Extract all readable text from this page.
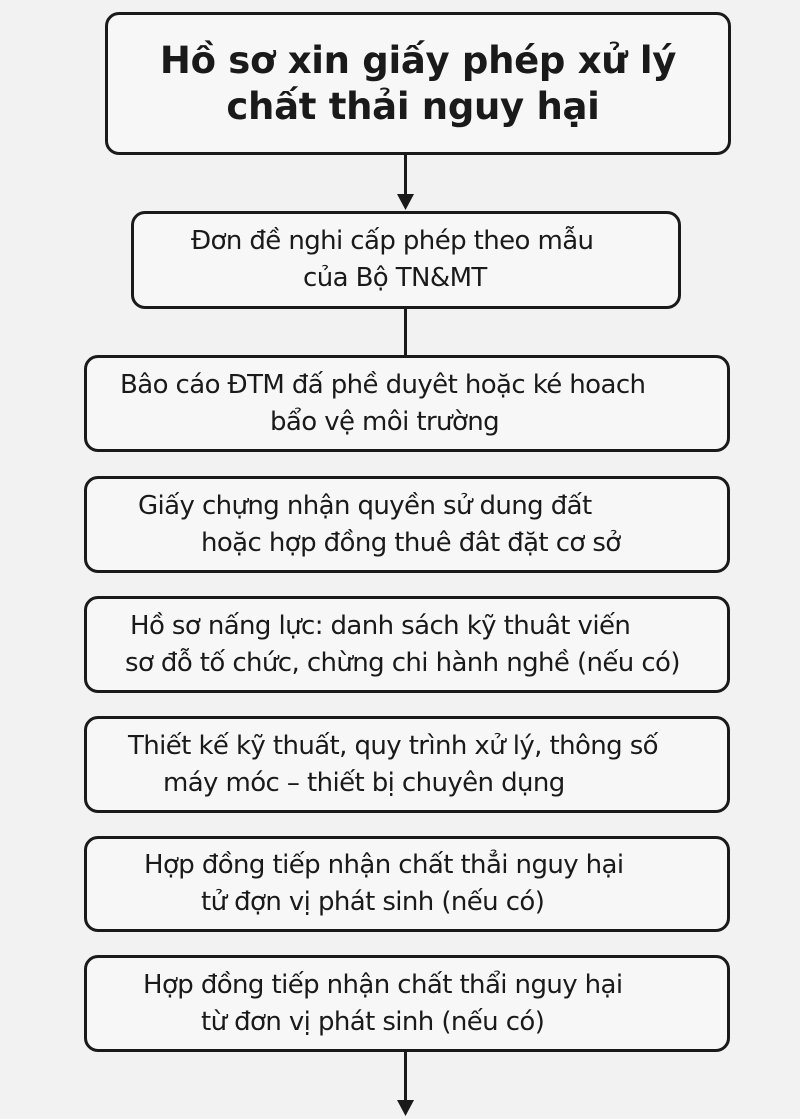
Hồ sơ xin giấy phép xử lý
chất thải nguy hại
Đơn đề nghi cấp phép theo mẫu
của Bộ TN&MT
Bâo cáo ĐTM đấ phề duyêt hoặc ké hoach
bẩo vệ môi trường
Giấy chựng nhận quyền sử dung đất
hoặc hợp đồng thuê đât đặt cơ sở
Hồ sơ nấng lực: danh sách kỹ thuât viến
sơ đỗ tố chức, chừng chi hành nghề (nếu có)
Thiết kế kỹ thuất, quy trình xử lý, thông số
máy móc – thiết bị chuyên dụng
Hợp đồng tiếp nhận chất thẳi nguy hại
tử đợn vị phát sinh (nếu có)
Hợp đồng tiếp nhận chất thẩi nguy hại
từ đơn vị phát sinh (nếu có)
